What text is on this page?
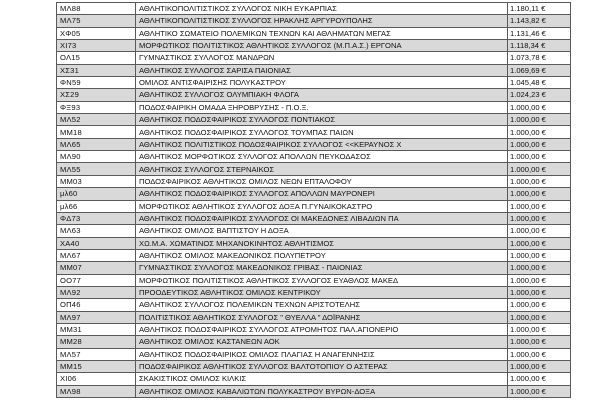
ΜΛ88	ΑΘΛΗΤΙΚΟΠΟΛΙΤΙΣΤΙΚΟΣ ΣΥΛΛΟΓΟΣ ΝΙΚΗ ΕΥΚΑΡΠΙΑΣ	1.180,11 €
ΜΛ75	ΑΘΛΗΤΙΚΟΠΟΛΙΤΙΣΤΙΚΟΣ ΣΥΛΛΟΓΟΣ ΗΡΑΚΛΗΣ ΑΡΓΥΡΟΥΠΟΛΗΣ	1.143,82 €
ΧΦ05	ΑΘΛΗΤΙΚΟ ΣΩΜΑΤΕΙΟ ΠΟΛΕΜΙΚΩΝ ΤΕΧΝΩΝ ΚΑΙ ΑΘΛΗΜΑΤΩΝ ΜΕΓΑΣ	1.131,46 €
ΧΙ73	ΜΟΡΦΩΤΙΚΟΣ ΠΟΛΙΤΙΣΤΙΚΟΣ ΑΘΛΗΤΙΚΟΣ ΣΥΛΛΟΓΟΣ (Μ.Π.Α.Σ.) ΕΡΓΟΝΑ	1.118,34 €
ΟΛ15	ΓΥΜΝΑΣΤΙΚΟΣ ΣΥΛΛΟΓΟΣ ΜΑΝΔΡΩΝ	1.073,78 €
ΧΣ31	ΑΘΛΗΤΙΚΟΣ ΣΥΛΛΟΓΟΣ ΣΑΡΙΣΑ ΠΑΙΟΝΙΑΣ	1.069,69 €
ΦΝ59	ΟΜΙΛΟΣ ΑΝΤΙΣΦΑΙΡΙΣΗΣ ΠΟΛΥΚΑΣΤΡΟΥ	1.045,48 €
ΧΣ29	ΑΘΛΗΤΙΚΟΣ ΣΥΛΛΟΓΟΣ ΟΛΥΜΠΙΑΚΗ ΦΛΟΓΑ	1.024,23 €
ΦΞ93	ΠΟΔΟΣΦΑΙΡΙΚΗ ΟΜΑΔΑ ΞΗΡΟΒΡΥΣΗΣ - Π.Ο.Ξ.	1.000,00 €
ΜΛ52	ΑΘΛΗΤΙΚΟΣ ΠΟΔΟΣΦΑΙΡΙΚΟΣ ΣΥΛΛΟΓΟΣ ΠΟΝΤΙΑΚΟΣ	1.000,00 €
ΜΜ18	ΑΘΛΗΤΙΚΟΣ ΠΟΔΟΣΦΑΙΡΙΚΟΣ ΣΥΛΛΟΓΟΣ ΤΟΥΜΠΑΣ ΠΑΙΩΝ	1.000,00 €
ΜΛ65	ΑΘΛΗΤΙΚΟΣ ΠΟΛΙΤΙΣΤΙΚΟΣ ΠΟΔΟΣΦΑΙΡΙΚΟΣ ΣΥΛΛΟΓΟΣ <<ΚΕΡΑΥΝΟΣ Χ	1.000,00 €
ΜΛ90	ΑΘΛΗΤΙΚΟΣ ΜΟΡΦΩΤΙΚΟΣ ΣΥΛΛΟΓΟΣ ΑΠΟΛΛΩΝ ΠΕΥΚΟΔΑΣΟΣ	1.000,00 €
ΜΛ55	ΑΘΛΗΤΙΚΟΣ ΣΥΛΛΟΓΟΣ ΣΤΕΡΝΑΙΚΟΣ	1.000,00 €
ΜΜ03	ΠΟΔΟΣΦΑΙΡΙΚΟΣ ΑΘΛΗΤΙΚΟΣ ΟΜΙΛΟΣ ΝΕΩΝ ΕΠΤΑΛΟΦΟΥ	1.000,00 €
μλ60	ΑΘΛΗΤΙΚΟΣ ΠΟΔΟΣΦΑΙΡΙΚΟΣ ΣΥΛΛΟΓΟΣ ΑΠΟΛΛΩΝ ΜΑΥΡΟΝΕΡΙ	1.000,00 €
μλ66	ΜΟΡΦΩΤΙΚΟΣ ΑΘΛΗΤΙΚΟΣ ΣΥΛΛΟΓΟΣ ΔΟΞΑ Π.ΓΥΝΑΙΚΟΚΑΣΤΡΟ	1.000,00 €
ΦΔ73	ΑΘΛΗΤΙΚΟΣ ΠΟΔΟΣΦΑΙΡΙΚΟΣ ΣΥΛΛΟΓΟΣ ΟΙ ΜΑΚΕΔΟΝΕΣ ΛΙΒΑΔΙΩΝ ΠΑ	1.000,00 €
ΜΛ63	ΑΘΛΗΤΙΚΟΣ ΟΜΙΛΟΣ ΒΑΠΤΙΣΤΟΥ Η ΔΟΞΑ	1.000,00 €
ΧΑ40	ΧΩ.Μ.Α. ΧΩΜΑΤΙΝΟΣ ΜΗΧΑΝΟΚΙΝΗΤΟΣ ΑΘΛΗΤΙΣΜΟΣ	1.000,00 €
ΜΛ67	ΑΘΛΗΤΙΚΟΣ ΟΜΙΛΟΣ ΜΑΚΕΔΟΝΙΚΟΣ ΠΟΛΥΠΕΤΡΟΥ	1.000,00 €
ΜΜ07	ΓΥΜΝΑΣΤΙΚΟΣ ΣΥΛΛΟΓΟΣ ΜΑΚΕΔΟΝΙΚΟΣ ΓΡΙΒΑΣ - ΠΑΙΟΝΙΑΣ	1.000,00 €
ΟΟ77	ΜΟΡΦΩΤΙΚΟΣ ΠΟΛΙΤΙΣΤΙΚΟΣ ΑΘΛΗΤΙΚΟΣ ΣΥΛΛΟΓΟΣ ΕΥΑΘΛΟΣ ΜΑΚΕΔ	1.000,00 €
ΜΛ92	ΠΡΟΟΔΕΥΤΙΚΟΣ ΑΘΛΗΤΙΚΟΣ ΟΜΙΛΟΣ ΚΕΝΤΡΙΚΟΥ	1.000,00 €
ΟΠ46	ΑΘΛΗΤΙΚΟΣ ΣΥΛΛΟΓΟΣ ΠΟΛΕΜΙΚΩΝ ΤΕΧΝΩΝ ΑΡΙΣΤΟΤΕΛΗΣ	1.000,00 €
ΜΛ97	ΠΟΛΙΤΙΣΤΙΚΟΣ ΑΘΛΗΤΙΚΟΣ ΣΥΛΛΟΓΟΣ " ΘΥΕΛΛΑ " ΔΟΪΡΑΝΗΣ	1.000,00 €
ΜΜ31	ΑΘΛΗΤΙΚΟΣ ΠΟΔΟΣΦΑΙΡΙΚΟΣ ΣΥΛΛΟΓΟΣ ΑΤΡΟΜΗΤΟΣ ΠΑΛ.ΑΓΙΟΝΕΡΙΟ	1.000,00 €
ΜΜ28	ΑΘΛΗΤΙΚΟΣ ΟΜΙΛΟΣ ΚΑΣΤΑΝΕΩΝ ΑΟΚ	1.000,00 €
ΜΛ57	ΑΘΛΗΤΙΚΟΣ ΠΟΔΟΣΦΑΙΡΙΚΟΣ ΟΜΙΛΟΣ ΠΛΑΓΙΑΣ Η ΑΝΑΓΕΝΝΗΣΙΣ	1.000,00 €
ΜΜ15	ΠΟΔΟΣΦΑΙΡΙΚΟΣ ΑΘΛΗΤΙΚΟΣ ΣΥΛΛΟΓΟΣ ΒΑΛΤΟΤΟΠΙΟΥ Ο ΑΣΤΕΡΑΣ	1.000,00 €
ΧΙ06	ΣΚΑΚΙΣΤΙΚΟΣ ΟΜΙΛΟΣ ΚΙΛΚΙΣ	1.000,00 €
ΜΛ98	ΑΘΛΗΤΙΚΟΣ ΟΜΙΛΟΣ ΚΑΒΑΛΙΩΤΩΝ ΠΟΛΥΚΑΣΤΡΟΥ ΒΥΡΩΝ-ΔΟΞΑ	1.000,00 €
